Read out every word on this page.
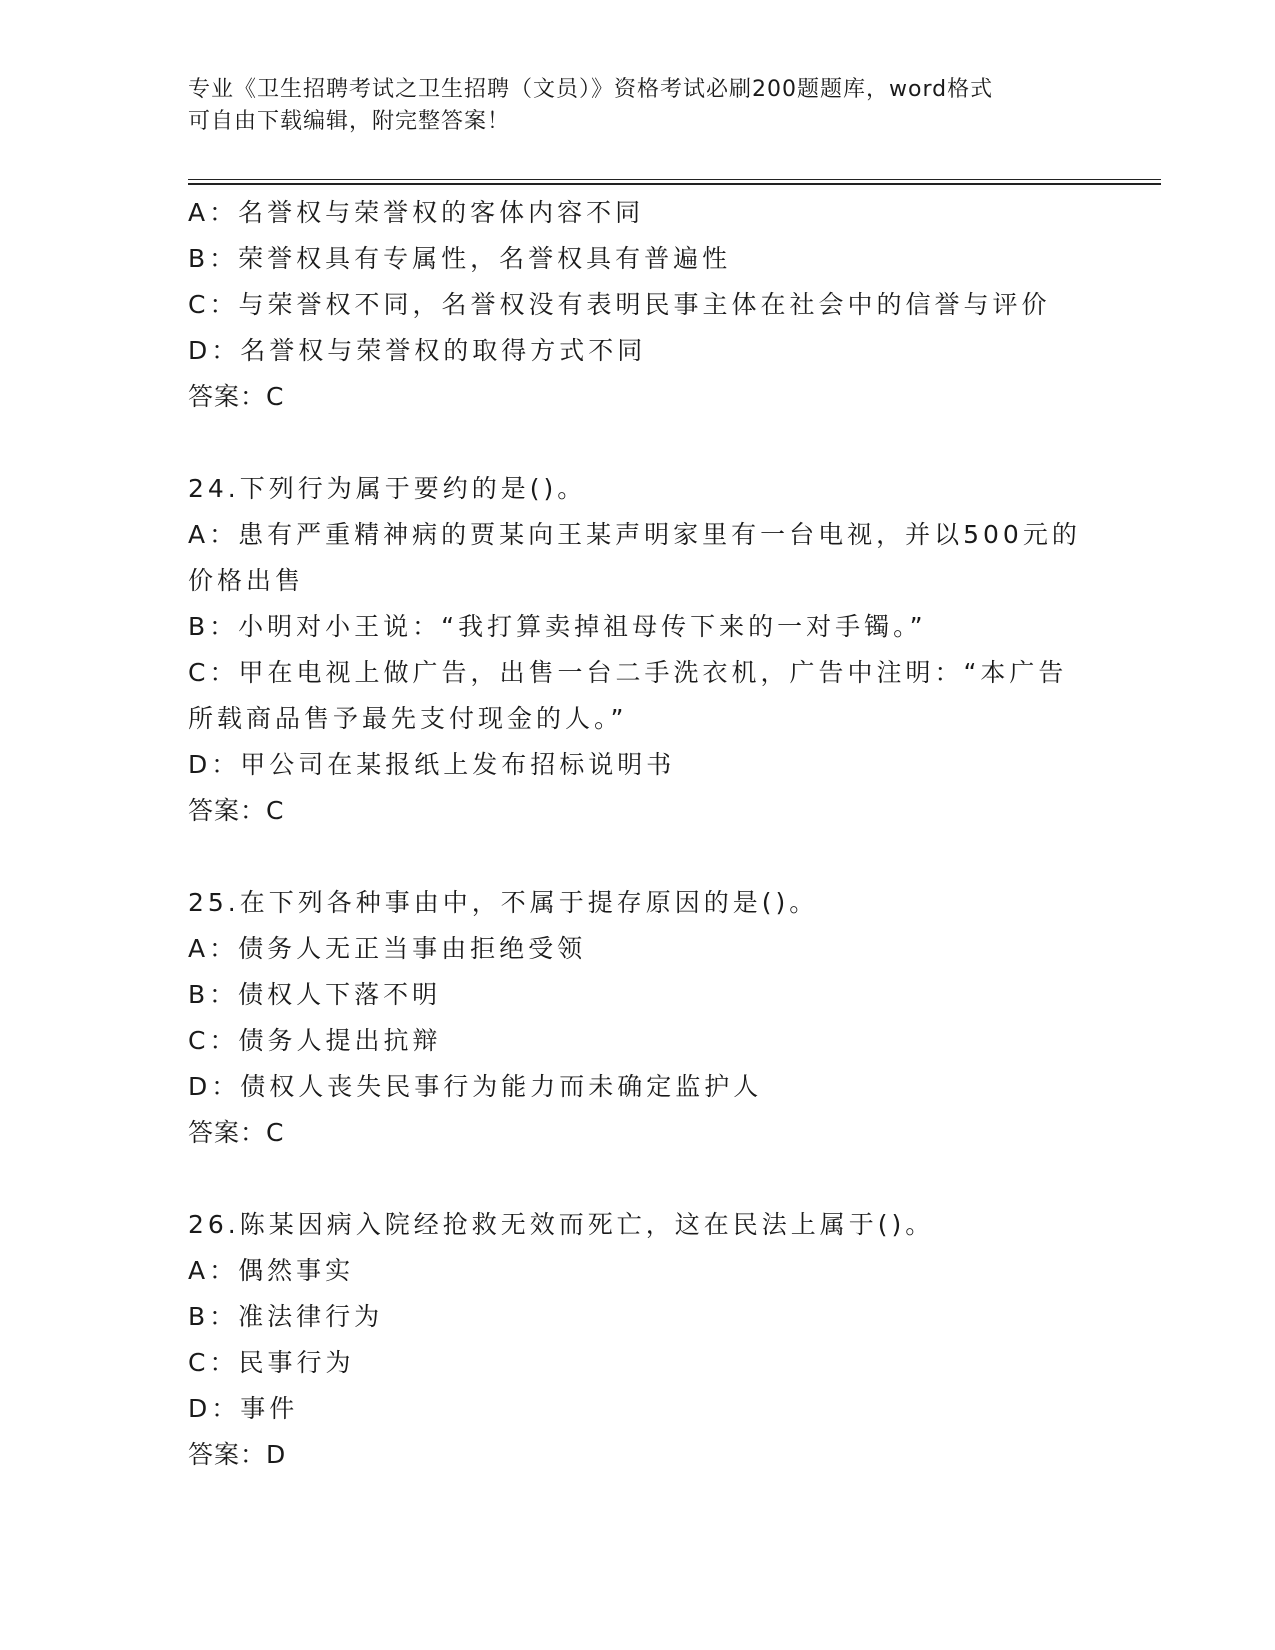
专业《卫生招聘考试之卫生招聘（文员）》资格考试必刷200题题库，word格式
可自由下载编辑，附完整答案！
A：名誉权与荣誉权的客体内容不同
B：荣誉权具有专属性，名誉权具有普遍性
C：与荣誉权不同，名誉权没有表明民事主体在社会中的信誉与评价
D：名誉权与荣誉权的取得方式不同
答案：C
24.下列行为属于要约的是()。
A：患有严重精神病的贾某向王某声明家里有一台电视，并以500元的
价格出售
B：小明对小王说：“我打算卖掉祖母传下来的一对手镯。”
C：甲在电视上做广告，出售一台二手洗衣机，广告中注明：“本广告
所载商品售予最先支付现金的人。”
D：甲公司在某报纸上发布招标说明书
答案：C
25.在下列各种事由中，不属于提存原因的是()。
A：债务人无正当事由拒绝受领
B：债权人下落不明
C：债务人提出抗辩
D：债权人丧失民事行为能力而未确定监护人
答案：C
26.陈某因病入院经抢救无效而死亡，这在民法上属于()。
A：偶然事实
B：准法律行为
C：民事行为
D：事件
答案：D
